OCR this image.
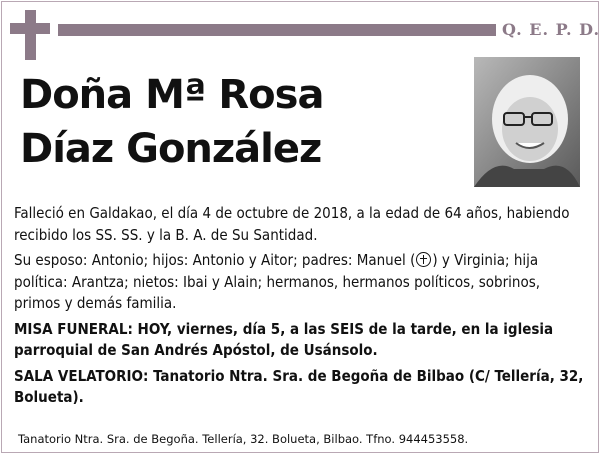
Q. E. P. D.
Doña Mª Rosa
Díaz González

Falleció en Galdakao, el día 4 de octubre de 2018, a la edad de 64 años, habiendo recibido los SS. SS. y la B. A. de Su Santidad.

Su esposo: Antonio; hijos: Antonio y Aitor; padres: Manuel ( ) y Virginia; hija política: Arantza; nietos: Ibai y Alain; hermanos, hermanos políticos, sobrinos, primos y demás familia.

MISA FUNERAL: HOY, viernes, día 5, a las SEIS de la tarde, en la iglesia parroquial de San Andrés Apóstol, de Usánsolo.

SALA VELATORIO: Tanatorio Ntra. Sra. de Begoña de Bilbao (C/ Tellería, 32, Bolueta).

Tanatorio Ntra. Sra. de Begoña. Tellería, 32. Bolueta, Bilbao. Tfno. 944453558.
